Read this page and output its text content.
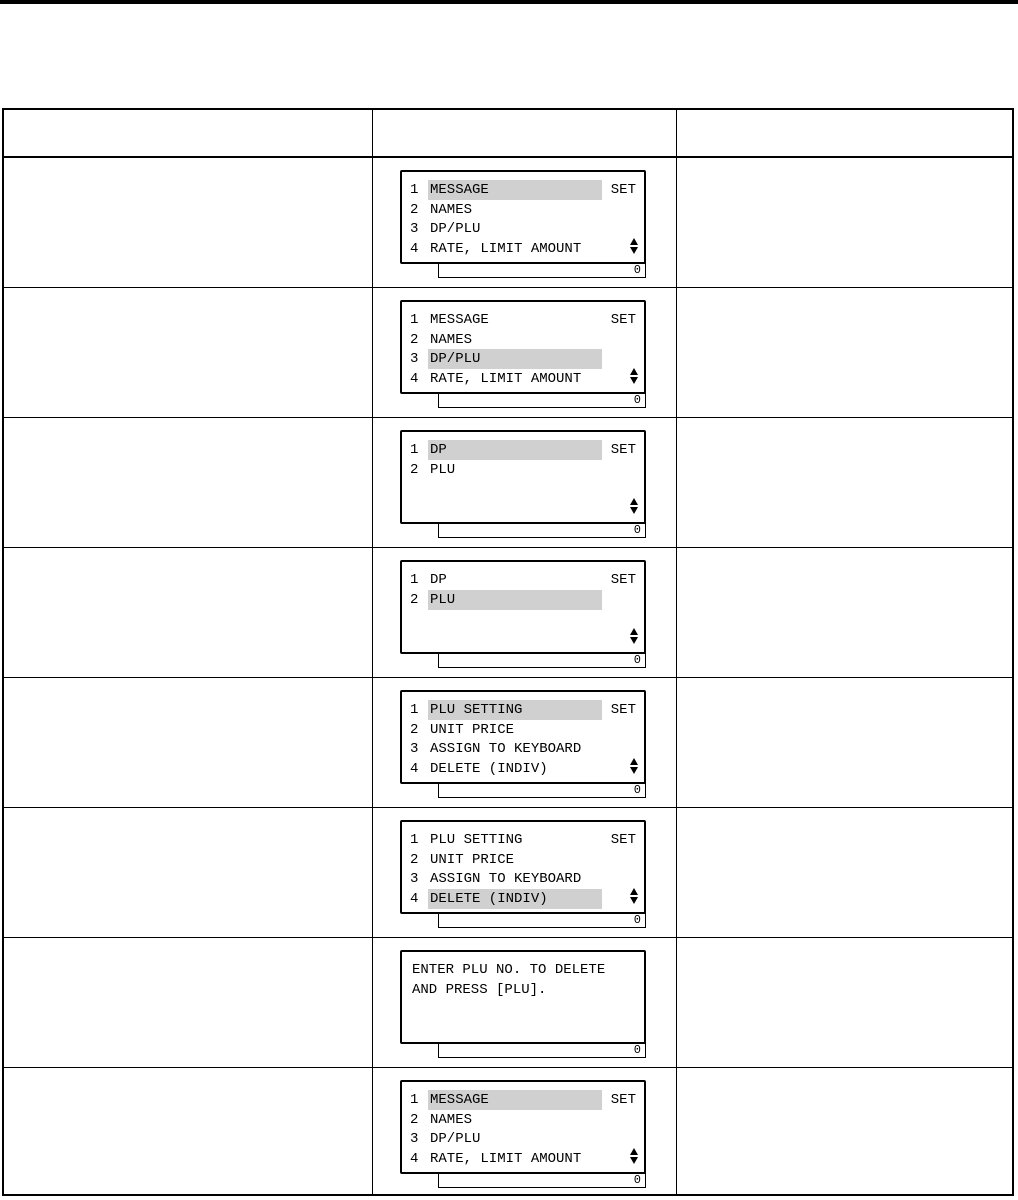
1 MESSAGE
2 NAMES
3 DP/PLU
4 RATE, LIMIT AMOUNT
SET
0
1 MESSAGE
2 NAMES
3 DP/PLU
4 RATE, LIMIT AMOUNT
SET
0
1 DP
2 PLU
SET
0
1 DP
2 PLU
SET
0
1 PLU SETTING
2 UNIT PRICE
3 ASSIGN TO KEYBOARD
4 DELETE (INDIV)
SET
0
1 PLU SETTING
2 UNIT PRICE
3 ASSIGN TO KEYBOARD
4 DELETE (INDIV)
SET
0
ENTER PLU NO. TO DELETE
AND PRESS [PLU].
0
1 MESSAGE
2 NAMES
3 DP/PLU
4 RATE, LIMIT AMOUNT
SET
0
